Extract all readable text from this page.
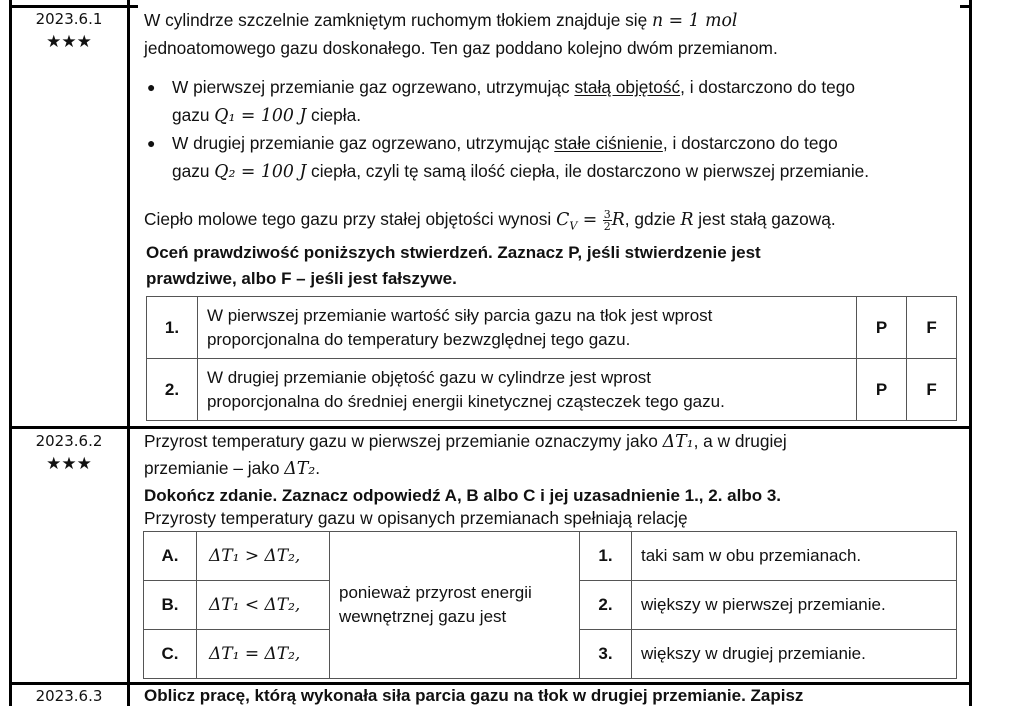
2023.6.1
★★★
W cylindrze szczelnie zamkniętym ruchomym tłokiem znajduje się n = 1 mol
jednoatomowego gazu doskonałego. Ten gaz poddano kolejno dwóm przemianom.
● W pierwszej przemianie gaz ogrzewano, utrzymując stałą objętość, i dostarczono do tego
gazu Q₁ = 100 J ciepła.
● W drugiej przemianie gaz ogrzewano, utrzymując stałe ciśnienie, i dostarczono do tego
gazu Q₂ = 100 J ciepła, czyli tę samą ilość ciepła, ile dostarczono w pierwszej przemianie.
Ciepło molowe tego gazu przy stałej objętości wynosi $C_V = \frac{3}{2} R$, gdzie R jest stałą gazową.
Oceń prawdziwość poniższych stwierdzeń. Zaznacz P, jeśli stwierdzenie jest
prawdziwe, albo F – jeśli jest fałszywe.
1.	W pierwszej przemianie wartość siły parcia gazu na tłok jest wprost
proporcjonalna do temperatury bezwzględnej tego gazu.	P	F
2.	W drugiej przemianie objętość gazu w cylindrze jest wprost
proporcjonalna do średniej energii kinetycznej cząsteczek tego gazu.	P	F
2023.6.2
★★★
Przyrost temperatury gazu w pierwszej przemianie oznaczymy jako ΔT₁, a w drugiej
przemianie – jako ΔT₂.
Dokończ zdanie. Zaznacz odpowiedź A, B albo C i jej uzasadnienie 1., 2. albo 3.
Przyrosty temperatury gazu w opisanych przemianach spełniają relację
A.	ΔT₁ > ΔT₂,	ponieważ przyrost energii
wewnętrznej gazu jest	1.	taki sam w obu przemianach.
B.	ΔT₁ < ΔT₂,		2.	większy w pierwszej przemianie.
C.	ΔT₁ = ΔT₂,		3.	większy w drugiej przemianie.
2023.6.3	Oblicz pracę, którą wykonała siła parcia gazu na tłok w drugiej przemianie. Zapisz
